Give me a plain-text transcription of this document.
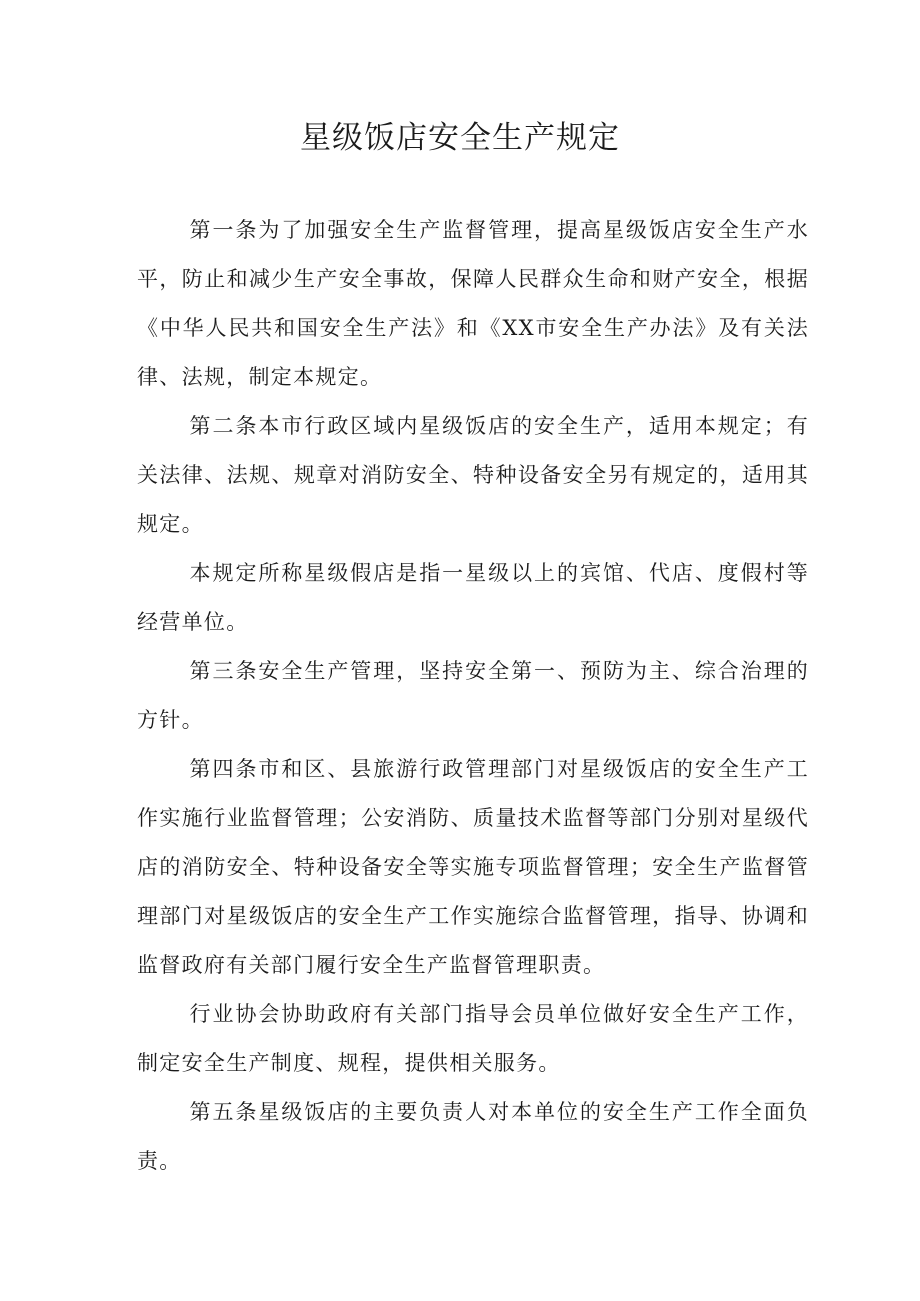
星级饭店安全生产规定

第一条为了加强安全生产监督管理，提高星级饭店安全生产水平，防止和减少生产安全事故，保障人民群众生命和财产安全，根据《中华人民共和国安全生产法》和《XX市安全生产办法》及有关法律、法规，制定本规定。

第二条本市行政区域内星级饭店的安全生产，适用本规定；有关法律、法规、规章对消防安全、特种设备安全另有规定的，适用其规定。

本规定所称星级假店是指一星级以上的宾馆、代店、度假村等经营单位。

第三条安全生产管理，坚持安全第一、预防为主、综合治理的方针。

第四条市和区、县旅游行政管理部门对星级饭店的安全生产工作实施行业监督管理；公安消防、质量技术监督等部门分别对星级代店的消防安全、特种设备安全等实施专项监督管理；安全生产监督管理部门对星级饭店的安全生产工作实施综合监督管理，指导、协调和监督政府有关部门履行安全生产监督管理职责。

行业协会协助政府有关部门指导会员单位做好安全生产工作，制定安全生产制度、规程，提供相关服务。

第五条星级饭店的主要负责人对本单位的安全生产工作全面负责。
